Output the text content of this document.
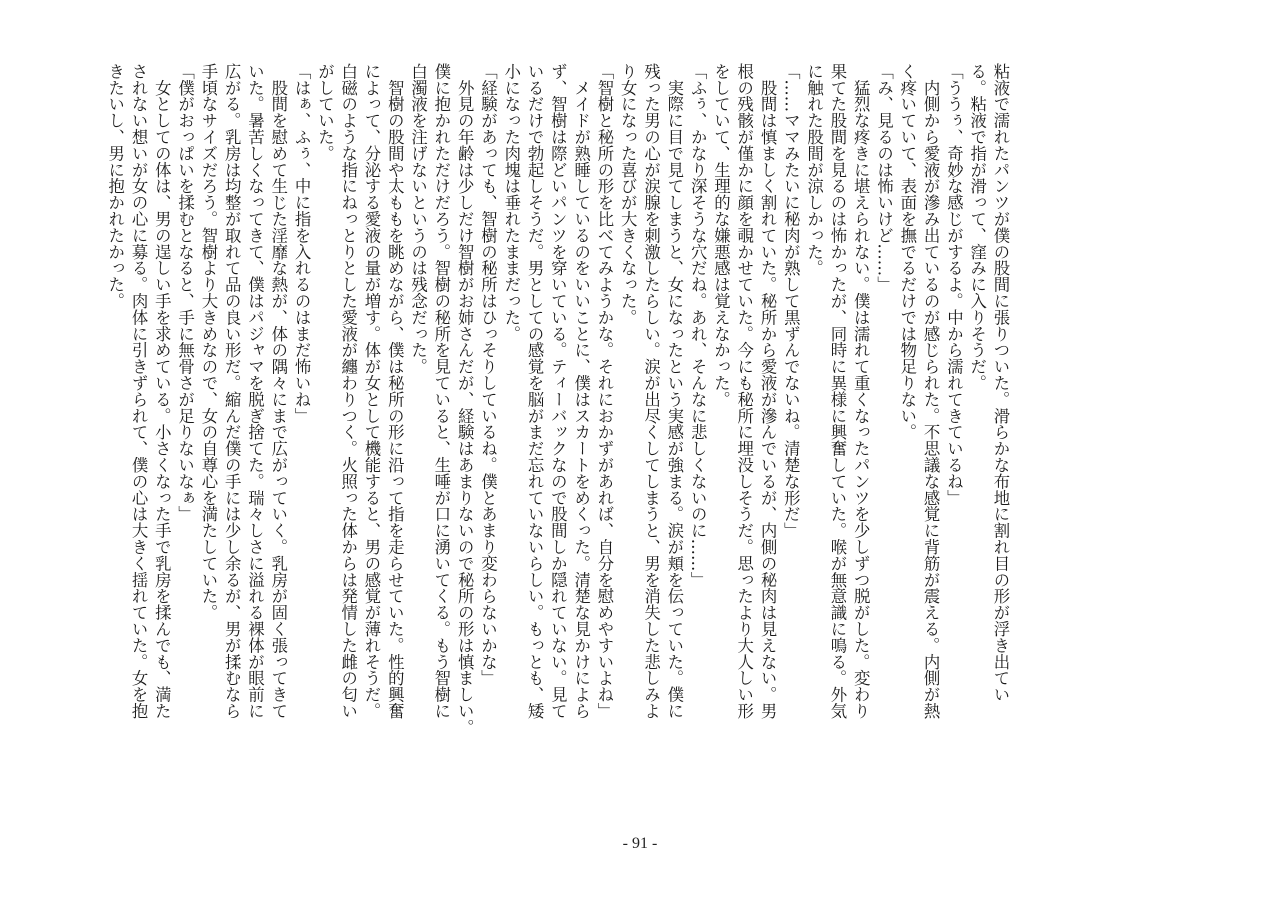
粘液で濡れたパンツが僕の股間に張りついた。滑らかな布地に割れ目の形が浮き出てい
る。粘液で指が滑って、窪みに入りそうだ。
「ううぅ、奇妙な感じがするよ。中から濡れてきているね」
　内側から愛液が滲み出ているのが感じられた。不思議な感覚に背筋が震える。内側が熱
く疼いていて、表面を撫でるだけでは物足りない。
「み、見るのは怖いけど……」
　猛烈な疼きに堪えられない。僕は濡れて重くなったパンツを少しずつ脱がした。変わり
果てた股間を見るのは怖かったが、同時に異様に興奮していた。喉が無意識に鳴る。外気
に触れた股間が涼しかった。
「……ママみたいに秘肉が熟して黒ずんでないね。清楚な形だ」
　股間は慎ましく割れていた。秘所から愛液が滲んでいるが、内側の秘肉は見えない。男
根の残骸が僅かに顔を覗かせていた。今にも秘所に埋没しそうだ。思ったより大人しい形
をしていて、生理的な嫌悪感は覚えなかった。
「ふぅ、かなり深そうな穴だね。あれ、そんなに悲しくないのに……」
　実際に目で見てしまうと、女になったという実感が強まる。涙が頬を伝っていた。僕に
残った男の心が涙腺を刺激したらしい。涙が出尽くしてしまうと、男を消失した悲しみよ
り女になった喜びが大きくなった。
「智樹と秘所の形を比べてみようかな。それにおかずがあれば、自分を慰めやすいよね」
　メイドが熟睡しているのをいいことに、僕はスカートをめくった。清楚な見かけによら
ず、智樹は際どいパンツを穿いている。ティーバックなので股間しか隠れていない。見て
いるだけで勃起しそうだ。男としての感覚を脳がまだ忘れていないらしい。もっとも、矮
小になった肉塊は垂れたままだった。
「経験があっても、智樹の秘所はひっそりしているね。僕とあまり変わらないかな」
　外見の年齢は少しだけ智樹がお姉さんだが、経験はあまりないので秘所の形は慎ましい。
僕に抱かれただけだろう。智樹の秘所を見ていると、生唾が口に湧いてくる。もう智樹に
白濁液を注げないというのは残念だった。
　智樹の股間や太ももを眺めながら、僕は秘所の形に沿って指を走らせていた。性的興奮
によって、分泌する愛液の量が増す。体が女として機能すると、男の感覚が薄れそうだ。
白磁のような指にねっとりとした愛液が纏わりつく。火照った体からは発情した雌の匂い
がしていた。
「はぁ、ふぅ、中に指を入れるのはまだ怖いね」
　股間を慰めて生じた淫靡な熱が、体の隅々にまで広がっていく。乳房が固く張ってきて
いた。暑苦しくなってきて、僕はパジャマを脱ぎ捨てた。瑞々しさに溢れる裸体が眼前に
広がる。乳房は均整が取れて品の良い形だ。縮んだ僕の手には少し余るが、男が揉むなら
手頃なサイズだろう。智樹より大きめなので、女の自尊心を満たしていた。
「僕がおっぱいを揉むとなると、手に無骨さが足りないなぁ」
　女としての体は、男の逞しい手を求めている。小さくなった手で乳房を揉んでも、満た
されない想いが女の心に募る。肉体に引きずられて、僕の心は大きく揺れていた。女を抱
きたいし、男に抱かれたかった。
- 91 -
